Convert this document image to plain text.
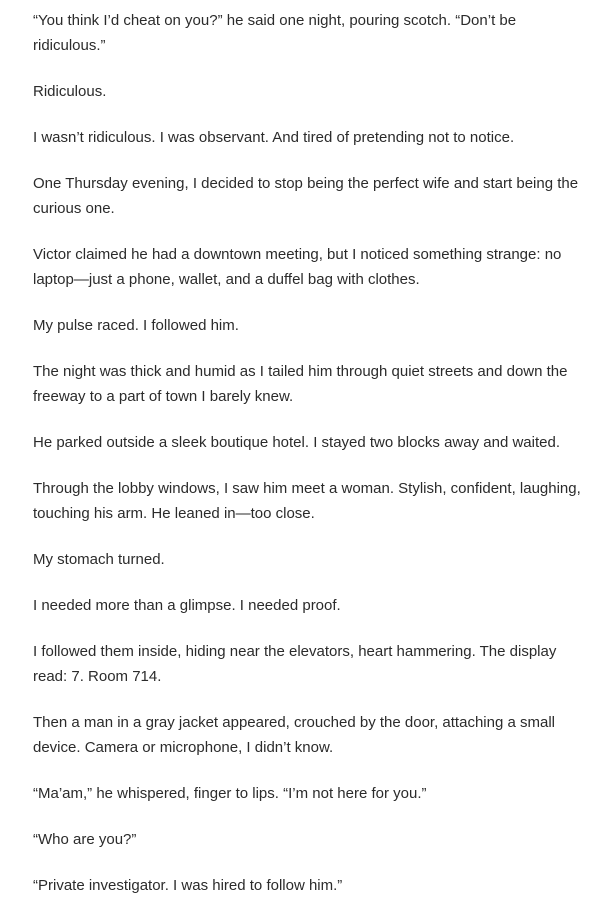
“You think I’d cheat on you?” he said one night, pouring scotch. “Don’t be ridiculous.”

Ridiculous.

I wasn’t ridiculous. I was observant. And tired of pretending not to notice.

One Thursday evening, I decided to stop being the perfect wife and start being the curious one.

Victor claimed he had a downtown meeting, but I noticed something strange: no laptop—just a phone, wallet, and a duffel bag with clothes.

My pulse raced. I followed him.

The night was thick and humid as I tailed him through quiet streets and down the freeway to a part of town I barely knew.

He parked outside a sleek boutique hotel. I stayed two blocks away and waited.

Through the lobby windows, I saw him meet a woman. Stylish, confident, laughing, touching his arm. He leaned in—too close.

My stomach turned.

I needed more than a glimpse. I needed proof.

I followed them inside, hiding near the elevators, heart hammering. The display read: 7. Room 714.

Then a man in a gray jacket appeared, crouched by the door, attaching a small device. Camera or microphone, I didn’t know.

“Ma’am,” he whispered, finger to lips. “I’m not here for you.”

“Who are you?”

“Private investigator. I was hired to follow him.”
